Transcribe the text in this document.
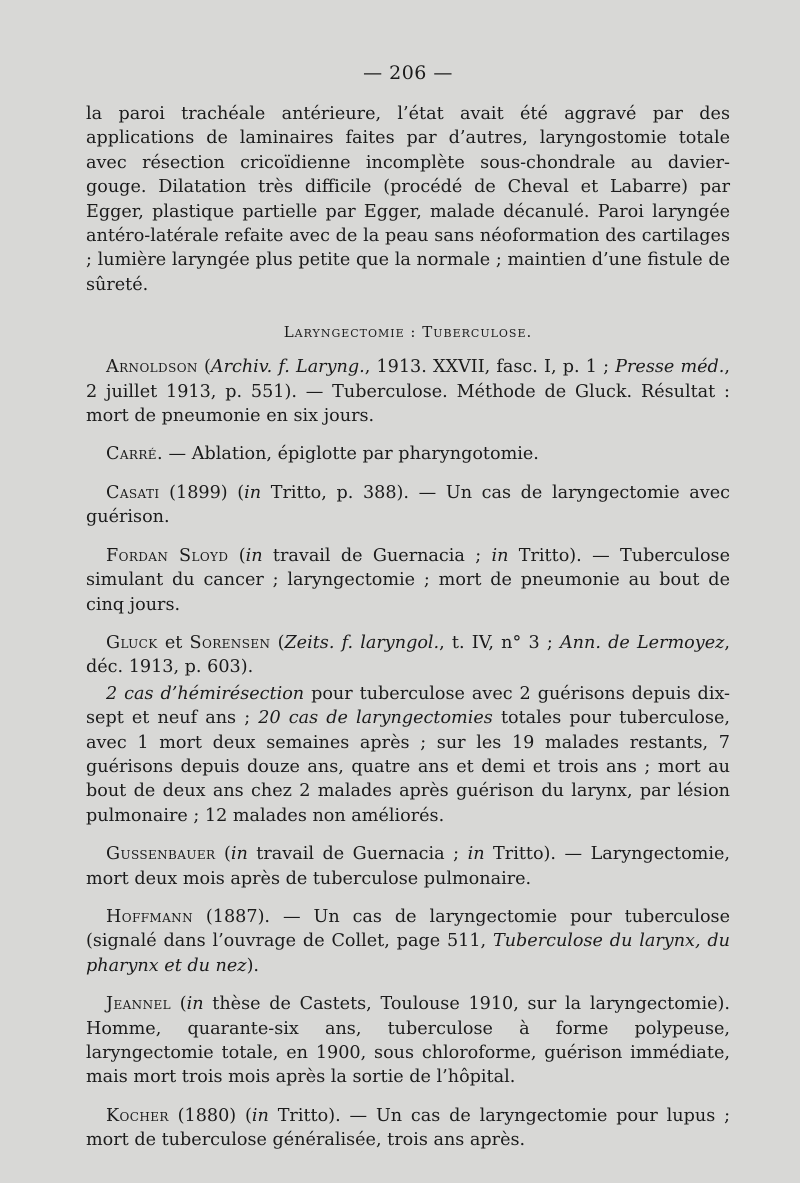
— 206 —

la paroi trachéale antérieure, l’état avait été aggravé par des applications de laminaires faites par d’autres, laryngostomie totale avec résection cricoïdienne incomplète sous-chondrale au davier-gouge. Dilatation très difficile (procédé de Cheval et Labarre) par Egger, plastique partielle par Egger, malade décanulé. Paroi laryngée antéro-latérale refaite avec de la peau sans néoformation des cartilages ; lumière laryngée plus petite que la normale ; maintien d’une fistule de sûreté.

Laryngectomie : Tuberculose.

Arnoldson (Archiv. f. Laryng., 1913. XXVII, fasc. I, p. 1 ; Presse méd., 2 juillet 1913, p. 551). — Tuberculose. Méthode de Gluck. Résultat : mort de pneumonie en six jours.

Carré. — Ablation, épiglotte par pharyngotomie.

Casati (1899) (in Tritto, p. 388). — Un cas de laryngectomie avec guérison.

Fordan Sloyd (in travail de Guernacia ; in Tritto). — Tuberculose simulant du cancer ; laryngectomie ; mort de pneumonie au bout de cinq jours.

Gluck et Sorensen (Zeits. f. laryngol., t. IV, n° 3 ; Ann. de Lermoyez, déc. 1913, p. 603).

2 cas d’hémirésection pour tuberculose avec 2 guérisons depuis dix-sept et neuf ans ; 20 cas de laryngectomies totales pour tuberculose, avec 1 mort deux semaines après ; sur les 19 malades restants, 7 guérisons depuis douze ans, quatre ans et demi et trois ans ; mort au bout de deux ans chez 2 malades après guérison du larynx, par lésion pulmonaire ; 12 malades non améliorés.

Gussenbauer (in travail de Guernacia ; in Tritto). — Laryngectomie, mort deux mois après de tuberculose pulmonaire.

Hoffmann (1887). — Un cas de laryngectomie pour tuberculose (signalé dans l’ouvrage de Collet, page 511, Tuberculose du larynx, du pharynx et du nez).

Jeannel (in thèse de Castets, Toulouse 1910, sur la laryngectomie). Homme, quarante-six ans, tuberculose à forme polypeuse, laryngectomie totale, en 1900, sous chloroforme, guérison immédiate, mais mort trois mois après la sortie de l’hôpital.

Kocher (1880) (in Tritto). — Un cas de laryngectomie pour lupus ; mort de tuberculose généralisée, trois ans après.
